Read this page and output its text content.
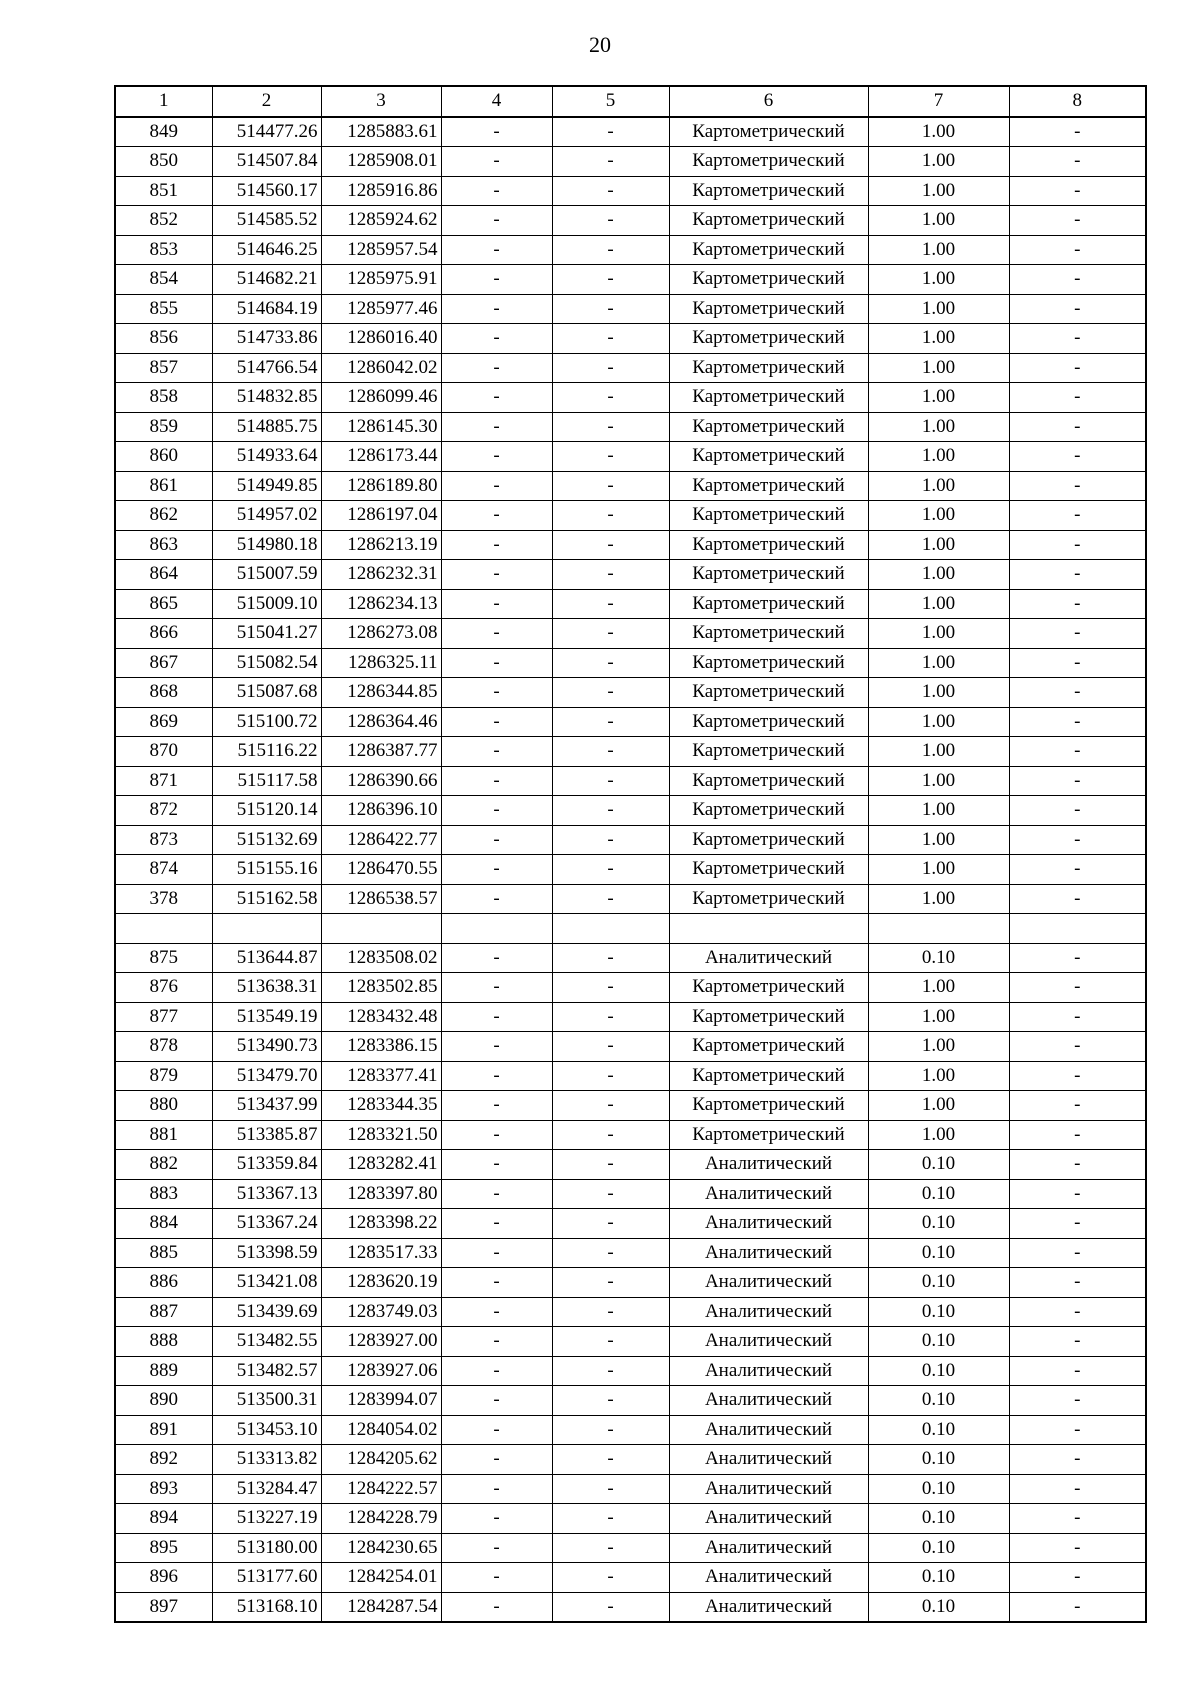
20
1	2	3	4	5	6	7	8
849	514477.26	1285883.61	-	-	Картометрический	1.00	-
850	514507.84	1285908.01	-	-	Картометрический	1.00	-
851	514560.17	1285916.86	-	-	Картометрический	1.00	-
852	514585.52	1285924.62	-	-	Картометрический	1.00	-
853	514646.25	1285957.54	-	-	Картометрический	1.00	-
854	514682.21	1285975.91	-	-	Картометрический	1.00	-
855	514684.19	1285977.46	-	-	Картометрический	1.00	-
856	514733.86	1286016.40	-	-	Картометрический	1.00	-
857	514766.54	1286042.02	-	-	Картометрический	1.00	-
858	514832.85	1286099.46	-	-	Картометрический	1.00	-
859	514885.75	1286145.30	-	-	Картометрический	1.00	-
860	514933.64	1286173.44	-	-	Картометрический	1.00	-
861	514949.85	1286189.80	-	-	Картометрический	1.00	-
862	514957.02	1286197.04	-	-	Картометрический	1.00	-
863	514980.18	1286213.19	-	-	Картометрический	1.00	-
864	515007.59	1286232.31	-	-	Картометрический	1.00	-
865	515009.10	1286234.13	-	-	Картометрический	1.00	-
866	515041.27	1286273.08	-	-	Картометрический	1.00	-
867	515082.54	1286325.11	-	-	Картометрический	1.00	-
868	515087.68	1286344.85	-	-	Картометрический	1.00	-
869	515100.72	1286364.46	-	-	Картометрический	1.00	-
870	515116.22	1286387.77	-	-	Картометрический	1.00	-
871	515117.58	1286390.66	-	-	Картометрический	1.00	-
872	515120.14	1286396.10	-	-	Картометрический	1.00	-
873	515132.69	1286422.77	-	-	Картометрический	1.00	-
874	515155.16	1286470.55	-	-	Картометрический	1.00	-
378	515162.58	1286538.57	-	-	Картометрический	1.00	-

875	513644.87	1283508.02	-	-	Аналитический	0.10	-
876	513638.31	1283502.85	-	-	Картометрический	1.00	-
877	513549.19	1283432.48	-	-	Картометрический	1.00	-
878	513490.73	1283386.15	-	-	Картометрический	1.00	-
879	513479.70	1283377.41	-	-	Картометрический	1.00	-
880	513437.99	1283344.35	-	-	Картометрический	1.00	-
881	513385.87	1283321.50	-	-	Картометрический	1.00	-
882	513359.84	1283282.41	-	-	Аналитический	0.10	-
883	513367.13	1283397.80	-	-	Аналитический	0.10	-
884	513367.24	1283398.22	-	-	Аналитический	0.10	-
885	513398.59	1283517.33	-	-	Аналитический	0.10	-
886	513421.08	1283620.19	-	-	Аналитический	0.10	-
887	513439.69	1283749.03	-	-	Аналитический	0.10	-
888	513482.55	1283927.00	-	-	Аналитический	0.10	-
889	513482.57	1283927.06	-	-	Аналитический	0.10	-
890	513500.31	1283994.07	-	-	Аналитический	0.10	-
891	513453.10	1284054.02	-	-	Аналитический	0.10	-
892	513313.82	1284205.62	-	-	Аналитический	0.10	-
893	513284.47	1284222.57	-	-	Аналитический	0.10	-
894	513227.19	1284228.79	-	-	Аналитический	0.10	-
895	513180.00	1284230.65	-	-	Аналитический	0.10	-
896	513177.60	1284254.01	-	-	Аналитический	0.10	-
897	513168.10	1284287.54	-	-	Аналитический	0.10	-
